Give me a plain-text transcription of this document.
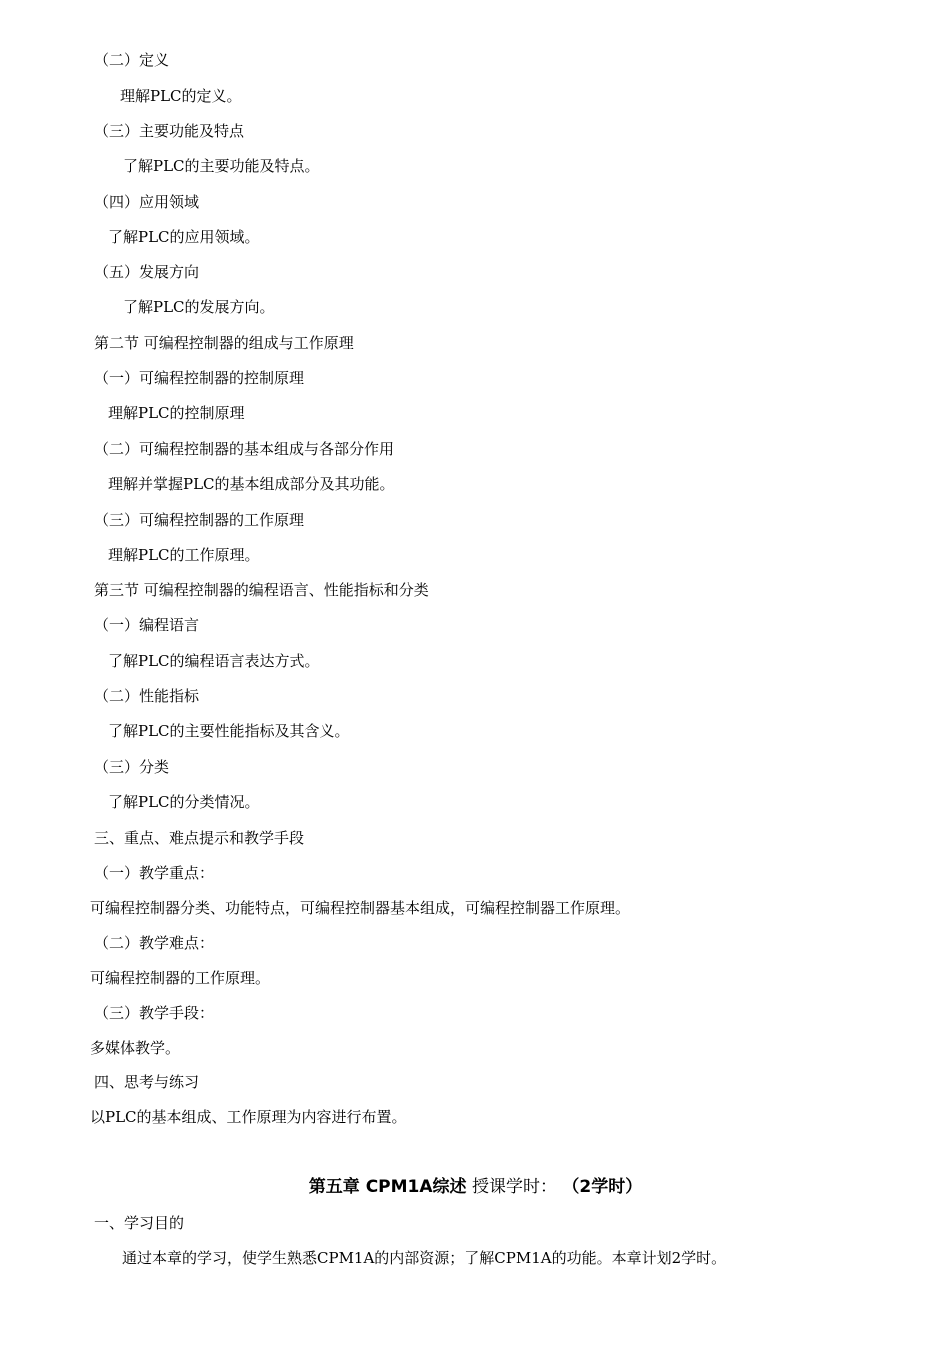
（二）定义

理解PLC的定义。

（三）主要功能及特点

了解PLC的主要功能及特点。

（四）应用领域

了解PLC的应用领域。

（五）发展方向

了解PLC的发展方向。

第二节 可编程控制器的组成与工作原理

（一）可编程控制器的控制原理

理解PLC的控制原理

（二）可编程控制器的基本组成与各部分作用

理解并掌握PLC的基本组成部分及其功能。

（三）可编程控制器的工作原理

理解PLC的工作原理。

第三节 可编程控制器的编程语言、性能指标和分类

（一）编程语言

了解PLC的编程语言表达方式。

（二）性能指标

了解PLC的主要性能指标及其含义。

（三）分类

了解PLC的分类情况。

三、重点、难点提示和教学手段

（一）教学重点：

可编程控制器分类、功能特点，可编程控制器基本组成，可编程控制器工作原理。

（二）教学难点：

可编程控制器的工作原理。

（三）教学手段：

多媒体教学。

四、思考与练习

以PLC的基本组成、工作原理为内容进行布置。

第五章 CPM1A综述 授课学时： （2学时）

一、学习目的

通过本章的学习，使学生熟悉CPM1A的内部资源；了解CPM1A的功能。本章计划2学时。
